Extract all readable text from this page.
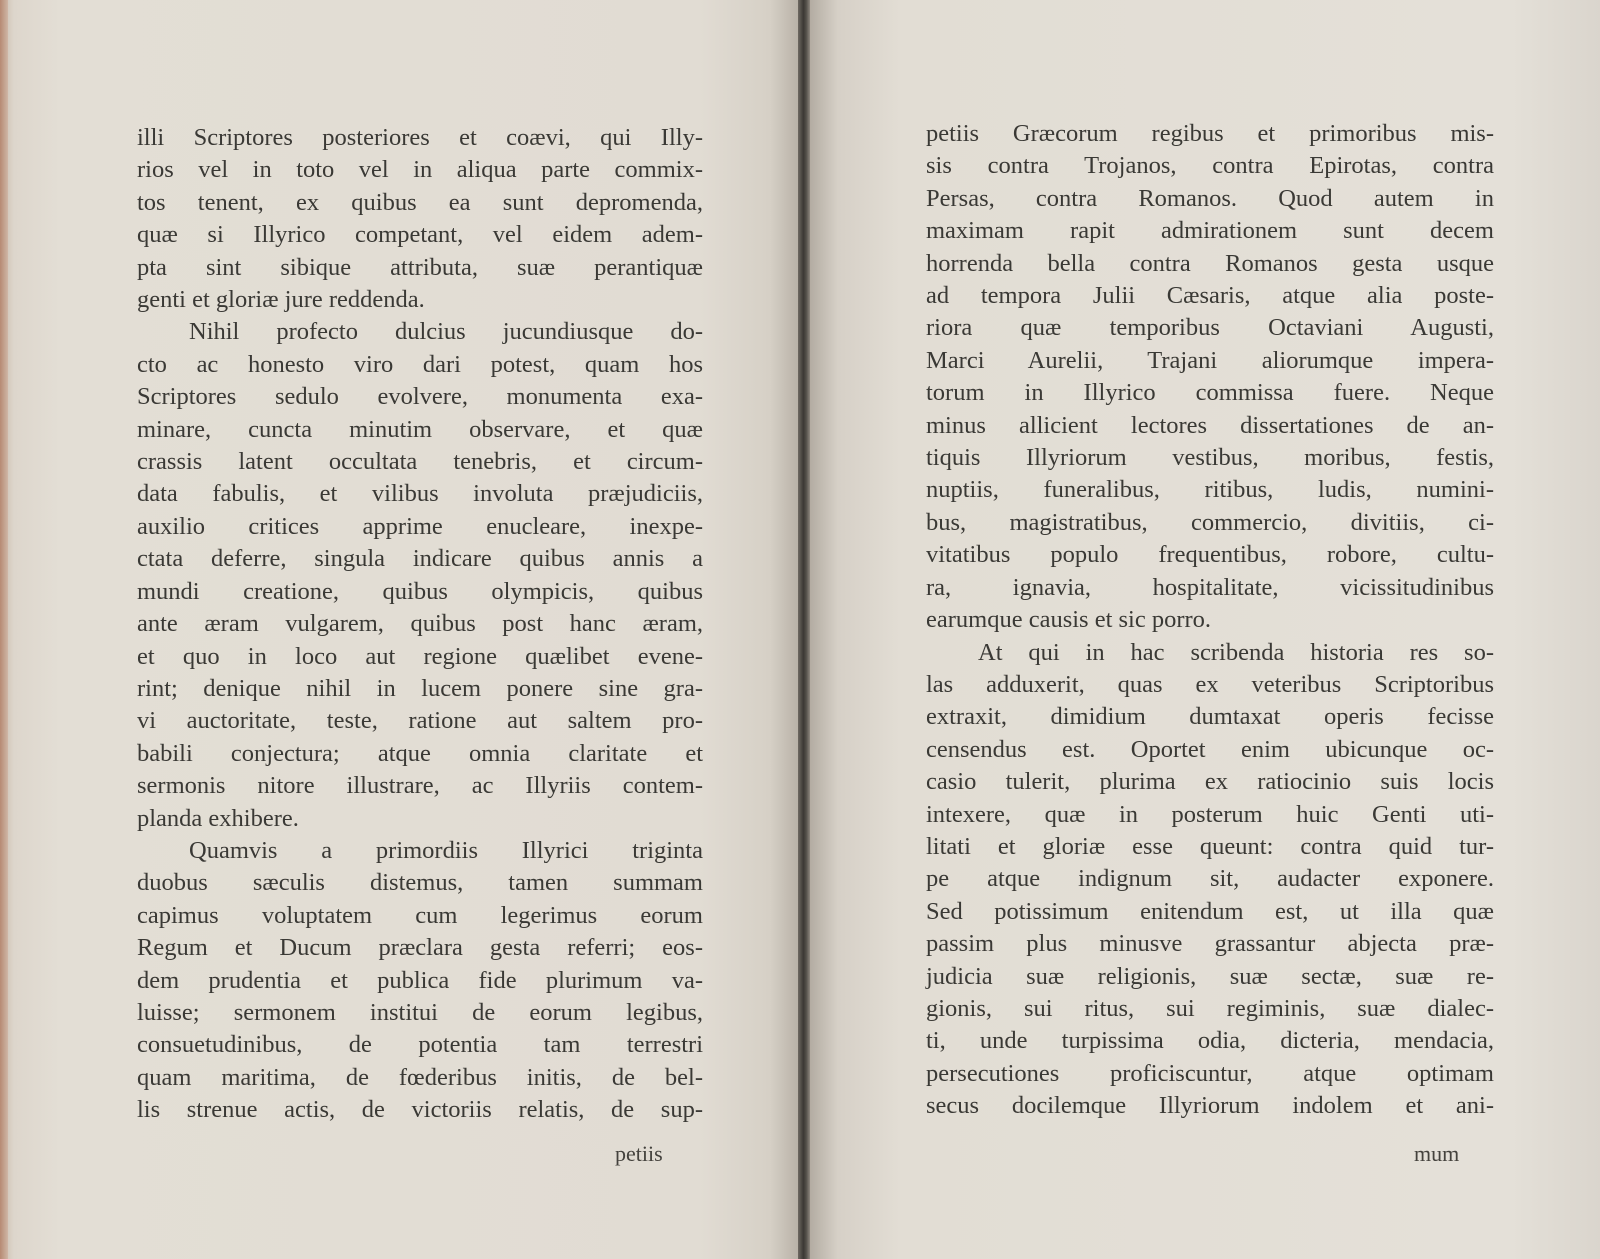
illi Scriptores posteriores et coævi, qui Illy-
rios vel in toto vel in aliqua parte commix-
tos tenent, ex quibus ea sunt depromenda,
quæ si Illyrico competant, vel eidem adem-
pta sint sibique attributa, suæ perantiquæ
genti et gloriæ jure reddenda.
Nihil profecto dulcius jucundiusque do-
cto ac honesto viro dari potest, quam hos
Scriptores sedulo evolvere, monumenta exa-
minare, cuncta minutim observare, et quæ
crassis latent occultata tenebris, et circum-
data fabulis, et vilibus involuta præjudiciis,
auxilio critices apprime enucleare, inexpe-
ctata deferre, singula indicare quibus annis a
mundi creatione, quibus olympicis, quibus
ante æram vulgarem, quibus post hanc æram,
et quo in loco aut regione quælibet evene-
rint; denique nihil in lucem ponere sine gra-
vi auctoritate, teste, ratione aut saltem pro-
babili conjectura; atque omnia claritate et
sermonis nitore illustrare, ac Illyriis contem-
planda exhibere.
Quamvis a primordiis Illyrici triginta
duobus sæculis distemus, tamen summam
capimus voluptatem cum legerimus eorum
Regum et Ducum præclara gesta referri; eos-
dem prudentia et publica fide plurimum va-
luisse; sermonem institui de eorum legibus,
consuetudinibus, de potentia tam terrestri
quam maritima, de fœderibus initis, de bel-
lis strenue actis, de victoriis relatis, de sup-
petiis
petiis Græcorum regibus et primoribus mis-
sis contra Trojanos, contra Epirotas, contra
Persas, contra Romanos. Quod autem in
maximam rapit admirationem sunt decem
horrenda bella contra Romanos gesta usque
ad tempora Julii Cæsaris, atque alia poste-
riora quæ temporibus Octaviani Augusti,
Marci Aurelii, Trajani aliorumque impera-
torum in Illyrico commissa fuere. Neque
minus allicient lectores dissertationes de an-
tiquis Illyriorum vestibus, moribus, festis,
nuptiis, funeralibus, ritibus, ludis, numini-
bus, magistratibus, commercio, divitiis, ci-
vitatibus populo frequentibus, robore, cultu-
ra, ignavia, hospitalitate, vicissitudinibus
earumque causis et sic porro.
At qui in hac scribenda historia res so-
las adduxerit, quas ex veteribus Scriptoribus
extraxit, dimidium dumtaxat operis fecisse
censendus est. Oportet enim ubicunque oc-
casio tulerit, plurima ex ratiocinio suis locis
intexere, quæ in posterum huic Genti uti-
litati et gloriæ esse queunt: contra quid tur-
pe atque indignum sit, audacter exponere.
Sed potissimum enitendum est, ut illa quæ
passim plus minusve grassantur abjecta præ-
judicia suæ religionis, suæ sectæ, suæ re-
gionis, sui ritus, sui regiminis, suæ dialec-
ti, unde turpissima odia, dicteria, mendacia,
persecutiones proficiscuntur, atque optimam
secus docilemque Illyriorum indolem et ani-
mum
